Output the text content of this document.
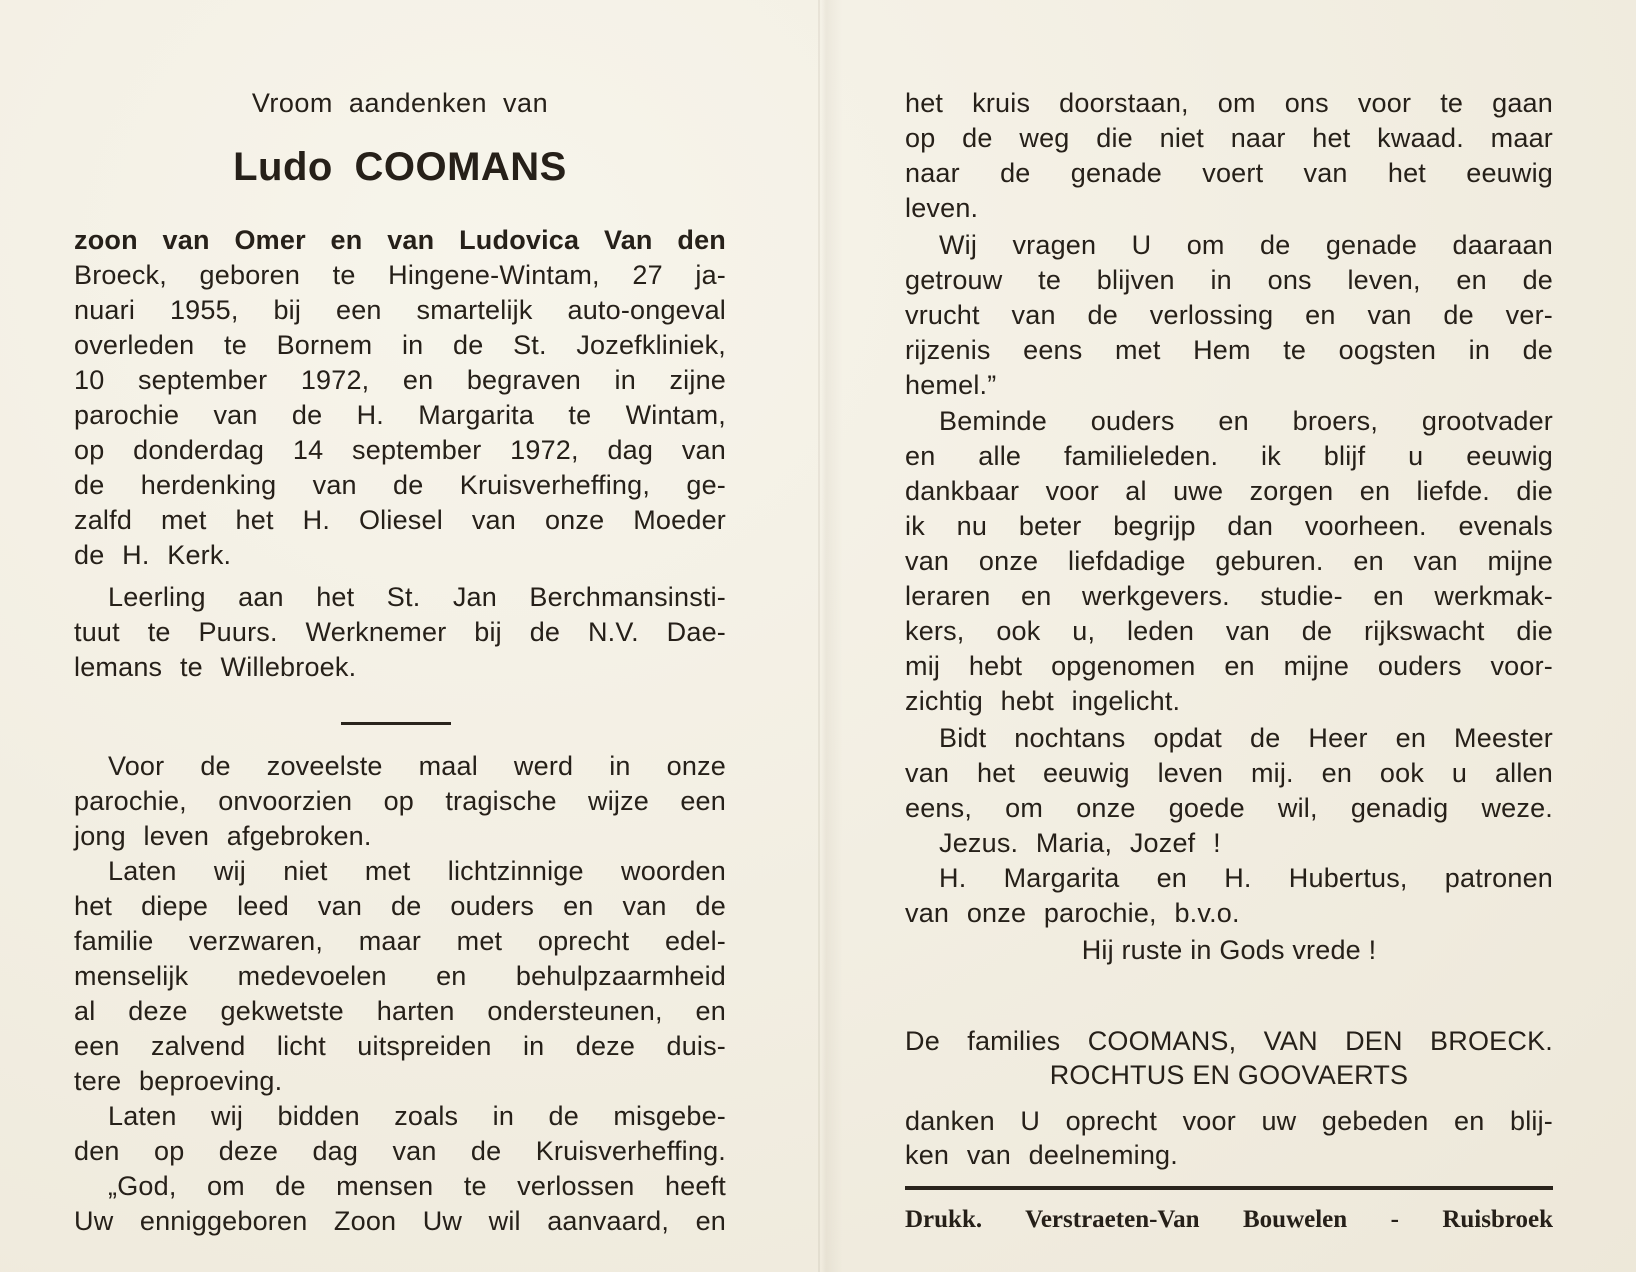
Vroom aandenken van
Ludo COOMANS
zoon van Omer en van Ludovica Van den
Broeck, geboren te Hingene-Wintam, 27 ja-
nuari 1955, bij een smartelijk auto-ongeval
overleden te Bornem in de St. Jozefkliniek,
10 september 1972, en begraven in zijne
parochie van de H. Margarita te Wintam,
op donderdag 14 september 1972, dag van
de herdenking van de Kruisverheffing, ge-
zalfd met het H. Oliesel van onze Moeder
de H. Kerk.
Leerling aan het St. Jan Berchmansinsti-
tuut te Puurs. Werknemer bij de N.V. Dae-
lemans te Willebroek.
Voor de zoveelste maal werd in onze
parochie, onvoorzien op tragische wijze een
jong leven afgebroken.
Laten wij niet met lichtzinnige woorden
het diepe leed van de ouders en van de
familie verzwaren, maar met oprecht edel-
menselijk medevoelen en behulpzaarmheid
al deze gekwetste harten ondersteunen, en
een zalvend licht uitspreiden in deze duis-
tere beproeving.
Laten wij bidden zoals in de misgebe-
den op deze dag van de Kruisverheffing.
„God, om de mensen te verlossen heeft
Uw enniggeboren Zoon Uw wil aanvaard, en
het kruis doorstaan, om ons voor te gaan
op de weg die niet naar het kwaad. maar
naar de genade voert van het eeuwig
leven.
Wij vragen U om de genade daaraan
getrouw te blijven in ons leven, en de
vrucht van de verlossing en van de ver-
rijzenis eens met Hem te oogsten in de
hemel.”
Beminde ouders en broers, grootvader
en alle familieleden. ik blijf u eeuwig
dankbaar voor al uwe zorgen en liefde. die
ik nu beter begrijp dan voorheen. evenals
van onze liefdadige geburen. en van mijne
leraren en werkgevers. studie- en werkmak-
kers, ook u, leden van de rijkswacht die
mij hebt opgenomen en mijne ouders voor-
zichtig hebt ingelicht.
Bidt nochtans opdat de Heer en Meester
van het eeuwig leven mij. en ook u allen
eens, om onze goede wil, genadig weze.
Jezus. Maria, Jozef !
H. Margarita en H. Hubertus, patronen
van onze parochie, b.v.o.
Hij ruste in Gods vrede !
De families COOMANS, VAN DEN BROECK.
ROCHTUS EN GOOVAERTS
danken U oprecht voor uw gebeden en blij-
ken van deelneming.
Drukk. Verstraeten-Van Bouwelen - Ruisbroek
